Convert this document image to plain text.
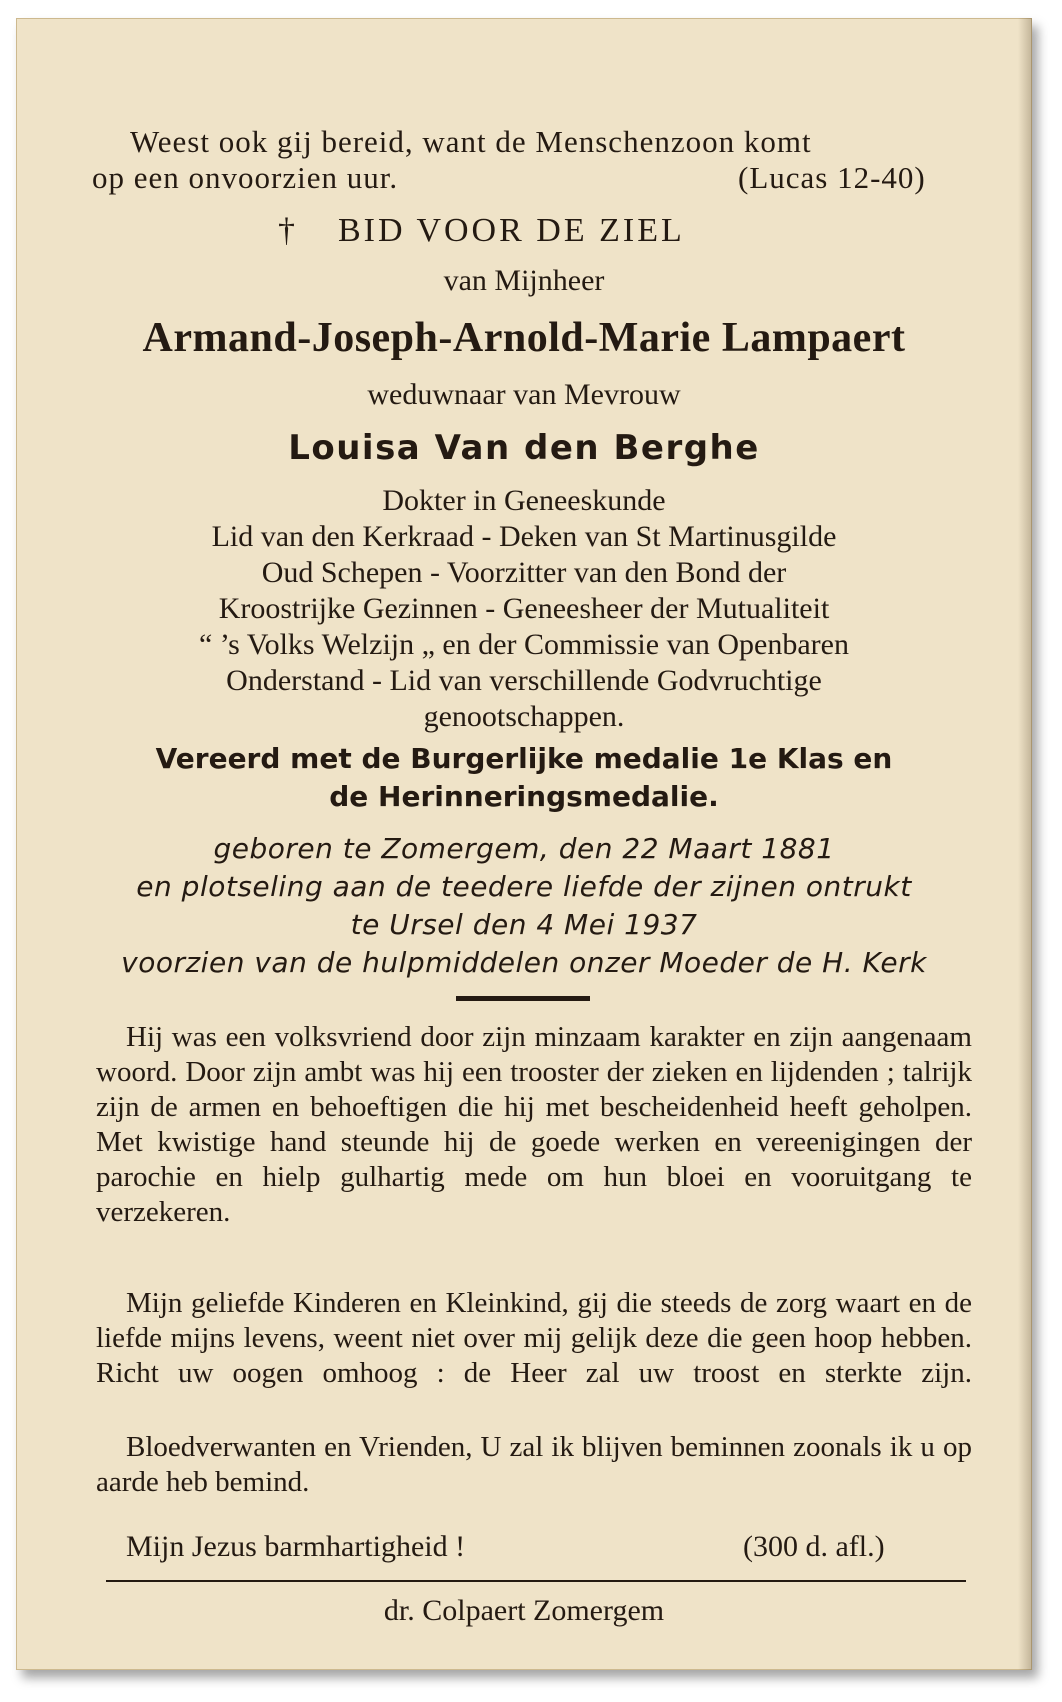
Weest ook gij bereid, want de Menschenzoon komt
op een onvoorzien uur.	(Lucas 12-40)
† BID VOOR DE ZIEL
van Mijnheer
Armand-Joseph-Arnold-Marie Lampaert
weduwnaar van Mevrouw
Louisa Van den Berghe
Dokter in Geneeskunde
Lid van den Kerkraad - Deken van St Martinusgilde
Oud Schepen - Voorzitter van den Bond der
Kroostrijke Gezinnen - Geneesheer der Mutualiteit
“ ’s Volks Welzijn „ en der Commissie van Openbaren
Onderstand - Lid van verschillende Godvruchtige
genootschappen.
Vereerd met de Burgerlijke medalie 1e Klas en
de Herinneringsmedalie.
geboren te Zomergem, den 22 Maart 1881
en plotseling aan de teedere liefde der zijnen ontrukt
te Ursel den 4 Mei 1937
voorzien van de hulpmiddelen onzer Moeder de H. Kerk
Hij was een volksvriend door zijn minzaam karakter en zijn aangenaam woord. Door zijn ambt was hij een trooster der zieken en lijdenden ; talrijk zijn de armen en behoeftigen die hij met bescheidenheid heeft geholpen. Met kwistige hand steunde hij de goede werken en vereenigingen der parochie en hielp gulhartig mede om hun bloei en vooruitgang te verzekeren.
Mijn geliefde Kinderen en Kleinkind, gij die steeds de zorg waart en de liefde mijns levens, weent niet over mij gelijk deze die geen hoop hebben. Richt uw oogen omhoog : de Heer zal uw troost en sterkte zijn.
Bloedverwanten en Vrienden, U zal ik blijven beminnen zoonals ik u op aarde heb bemind.
Mijn Jezus barmhartigheid !	(300 d. afl.)
dr. Colpaert Zomergem
